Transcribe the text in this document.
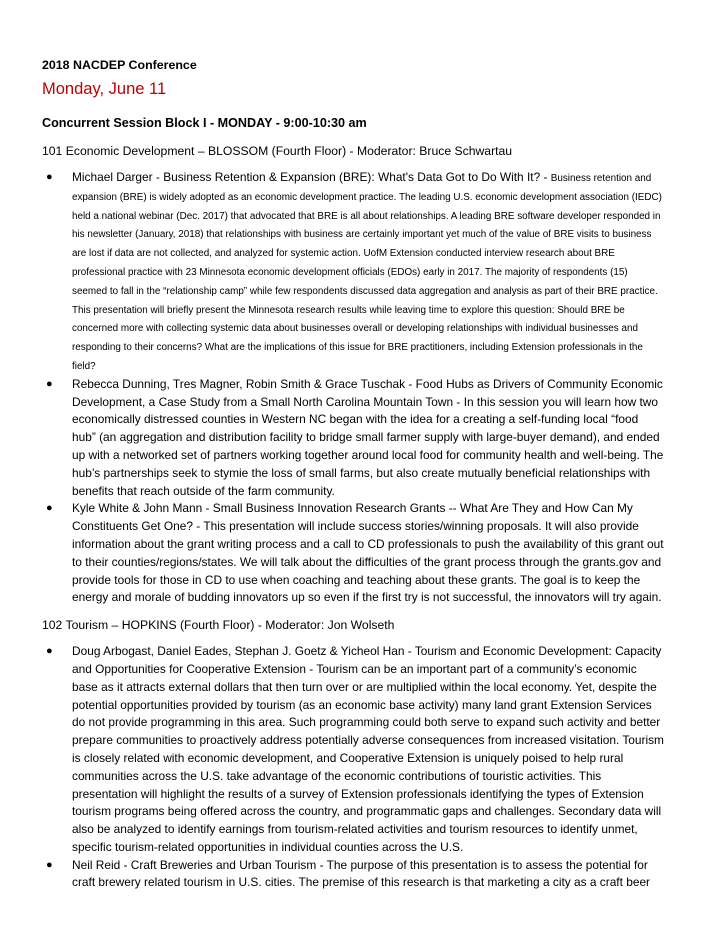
2018 NACDEP Conference
Monday, June 11
Concurrent Session Block I - MONDAY - 9:00-10:30 am
101 Economic Development – BLOSSOM (Fourth Floor) - Moderator: Bruce Schwartau
● Michael Darger - Business Retention & Expansion (BRE): What's Data Got to Do With It? - Business retention and expansion (BRE) is widely adopted as an economic development practice. The leading U.S. economic development association (IEDC) held a national webinar (Dec. 2017) that advocated that BRE is all about relationships. A leading BRE software developer responded in his newsletter (January, 2018) that relationships with business are certainly important yet much of the value of BRE visits to business are lost if data are not collected, and analyzed for systemic action. UofM Extension conducted interview research about BRE professional practice with 23 Minnesota economic development officials (EDOs) early in 2017. The majority of respondents (15) seemed to fall in the “relationship camp” while few respondents discussed data aggregation and analysis as part of their BRE practice. This presentation will briefly present the Minnesota research results while leaving time to explore this question: Should BRE be concerned more with collecting systemic data about businesses overall or developing relationships with individual businesses and responding to their concerns? What are the implications of this issue for BRE practitioners, including Extension professionals in the field?
● Rebecca Dunning, Tres Magner, Robin Smith & Grace Tuschak - Food Hubs as Drivers of Community Economic Development, a Case Study from a Small North Carolina Mountain Town - In this session you will learn how two economically distressed counties in Western NC began with the idea for a creating a self-funding local “food hub” (an aggregation and distribution facility to bridge small farmer supply with large-buyer demand), and ended up with a networked set of partners working together around local food for community health and well-being. The hub’s partnerships seek to stymie the loss of small farms, but also create mutually beneficial relationships with benefits that reach outside of the farm community.
● Kyle White & John Mann - Small Business Innovation Research Grants -- What Are They and How Can My Constituents Get One? - This presentation will include success stories/winning proposals. It will also provide information about the grant writing process and a call to CD professionals to push the availability of this grant out to their counties/regions/states. We will talk about the difficulties of the grant process through the grants.gov and provide tools for those in CD to use when coaching and teaching about these grants. The goal is to keep the energy and morale of budding innovators up so even if the first try is not successful, the innovators will try again.
102 Tourism – HOPKINS (Fourth Floor) - Moderator: Jon Wolseth
● Doug Arbogast, Daniel Eades, Stephan J. Goetz & Yicheol Han - Tourism and Economic Development: Capacity and Opportunities for Cooperative Extension - Tourism can be an important part of a community’s economic base as it attracts external dollars that then turn over or are multiplied within the local economy. Yet, despite the potential opportunities provided by tourism (as an economic base activity) many land grant Extension Services do not provide programming in this area. Such programming could both serve to expand such activity and better prepare communities to proactively address potentially adverse consequences from increased visitation. Tourism is closely related with economic development, and Cooperative Extension is uniquely poised to help rural communities across the U.S. take advantage of the economic contributions of touristic activities. This presentation will highlight the results of a survey of Extension professionals identifying the types of Extension tourism programs being offered across the country, and programmatic gaps and challenges. Secondary data will also be analyzed to identify earnings from tourism-related activities and tourism resources to identify unmet, specific tourism-related opportunities in individual counties across the U.S.
● Neil Reid - Craft Breweries and Urban Tourism - The purpose of this presentation is to assess the potential for craft brewery related tourism in U.S. cities. The premise of this research is that marketing a city as a craft beer
